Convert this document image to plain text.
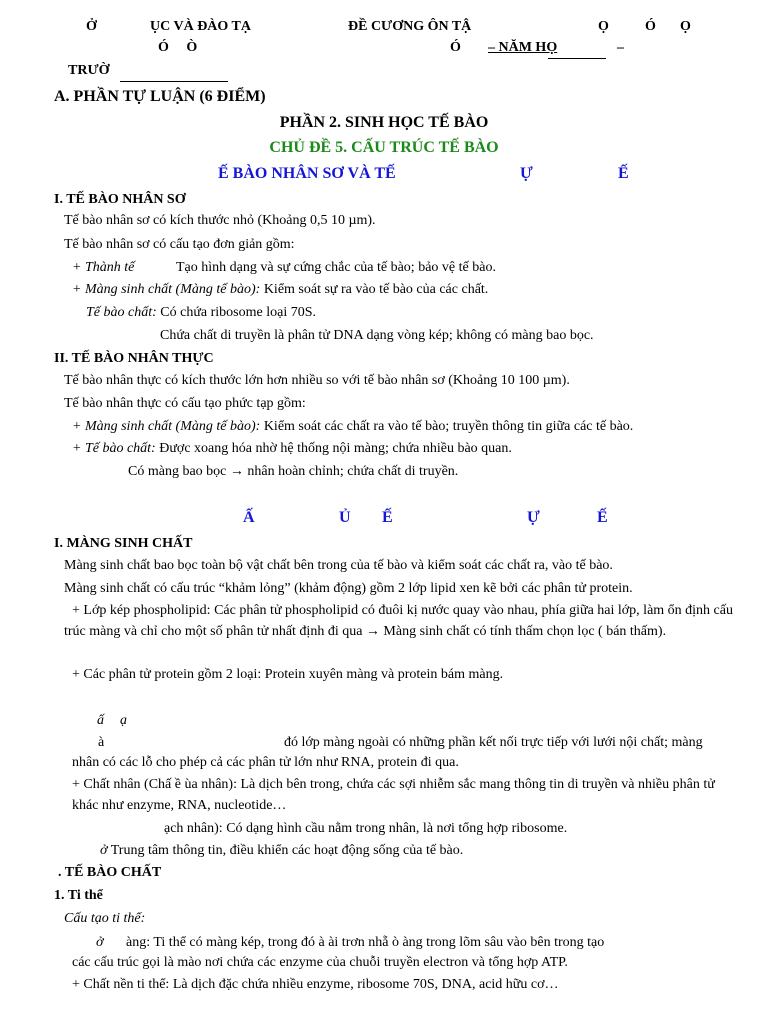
Ở	ỤC VÀ ĐÀO TẠ	ĐỀ CƯƠNG ÔN TẬ	Ọ	Ó Ọ
Ó Ò	Ó – NĂM HỌ	–
TRƯỜ
A. PHẦN TỰ LUẬN (6 ĐIỂM)
PHẦN 2. SINH HỌC TẾ BÀO
CHỦ ĐỀ 5. CẤU TRÚC TẾ BÀO
Ế BÀO NHÂN SƠ VÀ TẾ	Ự	Ế
I. TẾ BÀO NHÂN SƠ
Tế bào nhân sơ có kích thước nhỏ (Khoảng 0,5 10 µm).
Tế bào nhân sơ có cấu tạo đơn giản gồm:
+ Thành tế	Tạo hình dạng và sự cứng chắc của tế bào; bảo vệ tế bào.
+ Màng sinh chất (Màng tế bào): Kiểm soát sự ra vào tế bào của các chất.
Tế bào chất: Có chứa ribosome loại 70S.
Chứa chất di truyền là phân tử DNA dạng vòng kép; không có màng bao bọc.
II. TẾ BÀO NHÂN THỰC
Tế bào nhân thực có kích thước lớn hơn nhiều so với tế bào nhân sơ (Khoảng 10 100 µm).
Tế bào nhân thực có cấu tạo phức tạp gồm:
+ Màng sinh chất (Màng tế bào): Kiểm soát các chất ra vào tế bào; truyền thông tin giữa các tế bào.
+ Tế bào chất: Được xoang hóa nhờ hệ thống nội màng; chứa nhiều bào quan.
Có màng bao bọc → nhân hoàn chỉnh; chứa chất di truyền.
Ấ	Ủ Ế	Ự	Ế
I. MÀNG SINH CHẤT
Màng sinh chất bao bọc toàn bộ vật chất bên trong của tế bào và kiểm soát các chất ra, vào tế bào.
Màng sinh chất có cấu trúc “khảm lỏng” (khảm động) gồm 2 lớp lipid xen kẽ bởi các phân tử protein.
+ Lớp kép phospholipid: Các phân tử phospholipid có đuôi kị nước quay vào nhau, phía giữa hai lớp, làm ổn định cấu trúc màng và chỉ cho một số phân tử nhất định đi qua → Màng sinh chất có tính thấm chọn lọc ( bán thấm).
+ Các phân tử protein gồm 2 loại: Protein xuyên màng và protein bám màng.
ấ ạ
à	đó lớp màng ngoài có những phần kết nối trực tiếp với lưới nội chất; màng
nhân có các lỗ cho phép cả các phân tử lớn như RNA, protein đi qua.
+ Chất nhân (Chấ ề ùa nhân): Là dịch bên trong, chứa các sợi nhiễm sắc mang thông tin di truyền và nhiều phân tử khác như enzyme, RNA, nucleotide…
ạch nhân): Có dạng hình cầu nằm trong nhân, là nơi tổng hợp ribosome.
ở Trung tâm thông tin, điều khiển các hoạt động sống của tế bào.
. TẾ BÀO CHẤT
1. Ti thể
Cấu tạo ti thể:
ở àng: Ti thể có màng kép, trong đó à ài trơn nhẵ ò àng trong lõm sâu vào bên trong tạo
các cấu trúc gọi là mào nơi chứa các enzyme của chuỗi truyền electron và tổng hợp ATP.
+ Chất nền ti thể: Là dịch đặc chứa nhiều enzyme, ribosome 70S, DNA, acid hữu cơ…
